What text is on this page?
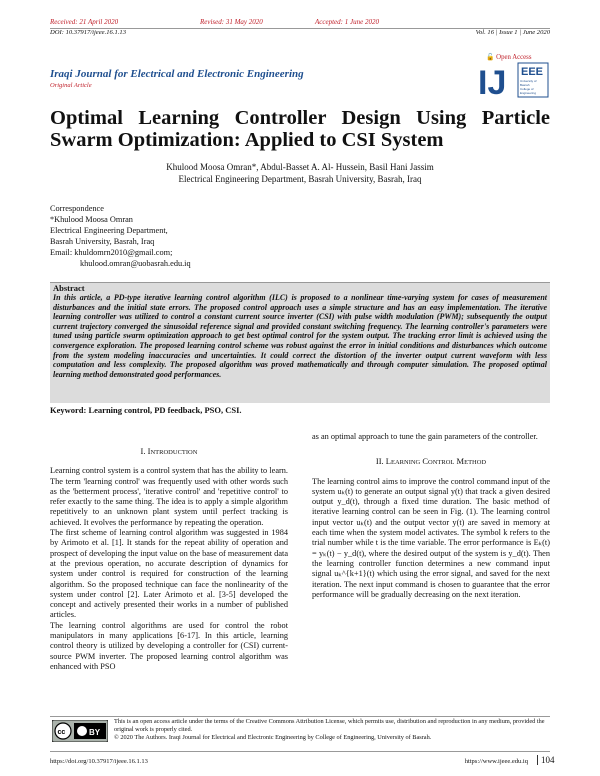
Received: 21 April 2020	Revised: 31 May 2020	Accepted: 1 June 2020
DOI: 10.37917/ijeee.16.1.13	Vol. 16 | Issue 1 | June 2020
🔓 Open Access
Iraqi Journal for Electrical and Electronic Engineering
Original Article	IJ EEE
University of
Basrah
College of
Engineering
Optimal Learning Controller Design Using Particle Swarm Optimization: Applied to CSI System
Khulood Moosa Omran*, Abdul-Basset A. Al- Hussein, Basil Hani Jassim
Electrical Engineering Department, Basrah University, Basrah, Iraq
Correspondence
*Khulood Moosa Omran
Electrical Engineering Department,
Basrah University, Basrah, Iraq
Email: khuldomrn2010@gmail.com;
khulood.omran@uobasrah.edu.iq
Abstract
In this article, a PD-type iterative learning control algorithm (ILC) is proposed to a nonlinear time-varying system for cases of measurement disturbances and the initial state errors. The proposed control approach uses a simple structure and has an easy implementation. The iterative learning controller was utilized to control a constant current source inverter (CSI) with pulse width modulation (PWM); subsequently the output current trajectory converged the sinusoidal reference signal and provided constant switching frequency. The learning controller's parameters were tuned using particle swarm optimization approach to get best optimal control for the system output. The tracking error limit is achieved using the convergence exploration. The proposed learning control scheme was robust against the error in initial conditions and disturbances which outcome from the system modeling inaccuracies and uncertainties. It could correct the distortion of the inverter output current waveform with less computation and less complexity. The proposed algorithm was proved mathematically and through computer simulation. The proposed optimal learning method demonstrated good performances.
Keyword: Learning control, PD feedback, PSO, CSI.
I. INTRODUCTION

Learning control system is a control system that has the ability to learn. The term 'learning control' was frequently used with other words such as the 'betterment process', 'iterative control' and 'repetitive control' to refer exactly to the same thing. The idea is to apply a simple algorithm repetitively to an unknown plant system until perfect tracking is achieved. It evolves the performance by repeating the operation.

The first scheme of learning control algorithm was suggested in 1984 by Arimoto et al. [1]. It stands for the repeat ability of operation and prospect of developing the input value on the base of measurement data at the previous operation, no accurate description of dynamics for system under control is required for construction of the learning algorithm. So the proposed technique can face the nonlinearity of the system under control [2]. Later Arimoto et al. [3-5] developed the concept and actively presented their works in a number of published articles.

The learning control algorithms are used for control the robot manipulators in many applications [6-17]. In this article, learning control theory is utilized by developing a controller for (CSI) current-source PWM inverter. The proposed learning control algorithm was enhanced with PSO

as an optimal approach to tune the gain parameters of the controller.

II. LEARNING CONTROL METHOD

The learning control aims to improve the control command input of the system uₖ(t) to generate an output signal y(t) that track a given desired output y_d(t), through a fixed time duration. The basic method of iterative learning control can be seen in Fig. (1). The learning control input vector uₖ(t) and the output vector y(t) are saved in memory at each time when the system model activates. The symbol k refers to the trial number while t is the time variable. The error performance is Eₖ(t) = yₖ(t) − y_d(t), where the desired output of the system is y_d(t). Then the learning controller function determines a new command input signal uₖ^{k+1}(t) which using the error signal, and saved for the next iteration. The next input command is chosen to guarantee that the error performance will be gradually decreasing on the next iteration.

cc	BY
This is an open access article under the terms of the Creative Commons Attribution License, which permits use, distribution and reproduction in any medium, provided the original work is properly cited.
© 2020 The Authors. Iraqi Journal for Electrical and Electronic Engineering by College of Engineering, University of Basrah.
https://doi.org/10.37917/ijeee.16.1.13	https://www.ijeee.edu.iq	104
